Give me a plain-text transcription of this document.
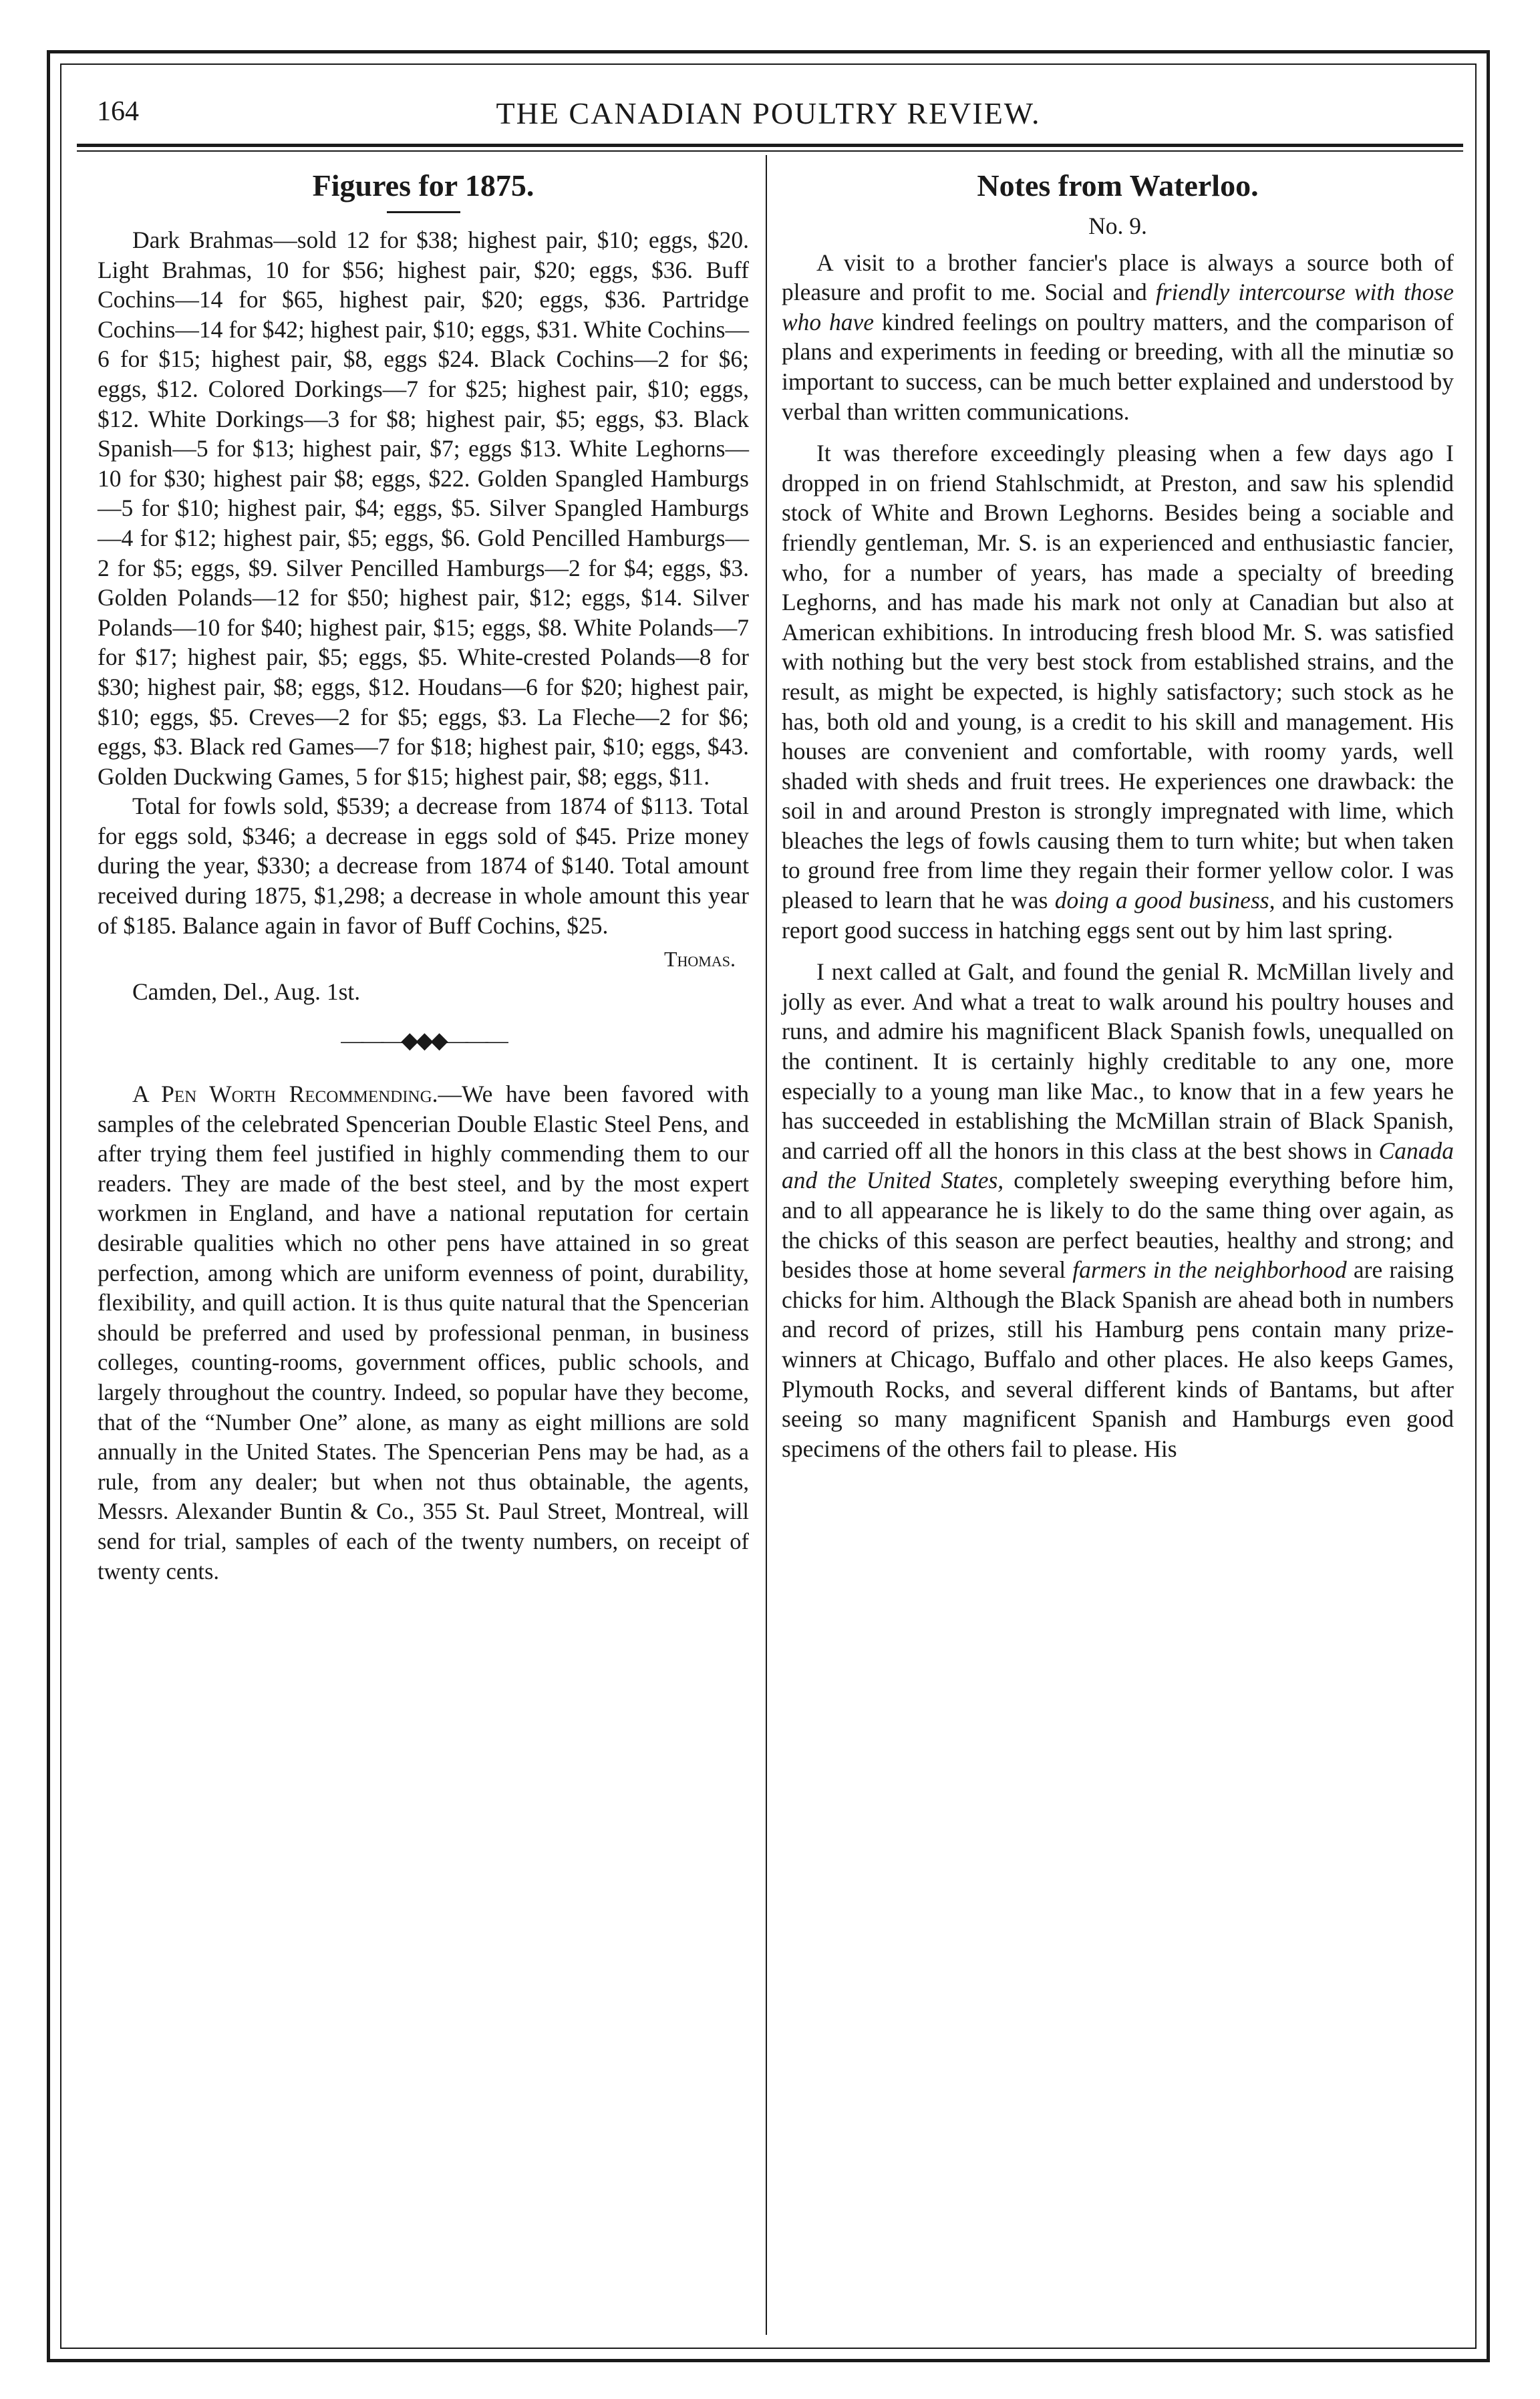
164	THE CANADIAN POULTRY REVIEW.
Figures for 1875.

Dark Brahmas—sold 12 for $38; highest pair, $10; eggs, $20. Light Brahmas, 10 for $56; highest pair, $20; eggs, $36. Buff Cochins—14 for $65, highest pair, $20; eggs, $36. Partridge Cochins—14 for $42; highest pair, $10; eggs, $31. White Cochins—6 for $15; highest pair, $8, eggs $24. Black Cochins—2 for $6; eggs, $12. Colored Dorkings—7 for $25; highest pair, $10; eggs, $12. White Dorkings—3 for $8; highest pair, $5; eggs, $3. Black Spanish—5 for $13; highest pair, $7; eggs $13. White Leghorns—10 for $30; highest pair $8; eggs, $22. Golden Spangled Hamburgs—5 for $10; highest pair, $4; eggs, $5. Silver Spangled Hamburgs—4 for $12; highest pair, $5; eggs, $6. Gold Pencilled Hamburgs—2 for $5; eggs, $9. Silver Pencilled Hamburgs—2 for $4; eggs, $3. Golden Polands—12 for $50; highest pair, $12; eggs, $14. Silver Polands—10 for $40; highest pair, $15; eggs, $8. White Polands—7 for $17; highest pair, $5; eggs, $5. White-crested Polands—8 for $30; highest pair, $8; eggs, $12. Houdans—6 for $20; highest pair, $10; eggs, $5. Creves—2 for $5; eggs, $3. La Fleche—2 for $6; eggs, $3. Black red Games—7 for $18; highest pair, $10; eggs, $43. Golden Duckwing Games, 5 for $15; highest pair, $8; eggs, $11.

Total for fowls sold, $539; a decrease from 1874 of $113. Total for eggs sold, $346; a decrease in eggs sold of $45. Prize money during the year, $330; a decrease from 1874 of $140. Total amount received during 1875, $1,298; a decrease in whole amount this year of $185. Balance again in favor of Buff Cochins, $25.

Thomas.

Camden, Del., Aug. 1st.

———◆◆◆———

A Pen Worth Recommending.—We have been favored with samples of the celebrated Spencerian Double Elastic Steel Pens, and after trying them feel justified in highly commending them to our readers. They are made of the best steel, and by the most expert workmen in England, and have a national reputation for certain desirable qualities which no other pens have attained in so great perfection, among which are uniform evenness of point, durability, flexibility, and quill action. It is thus quite natural that the Spencerian should be preferred and used by professional penman, in business colleges, counting-rooms, government offices, public schools, and largely throughout the country. Indeed, so popular have they become, that of the “Number One” alone, as many as eight millions are sold annually in the United States. The Spencerian Pens may be had, as a rule, from any dealer; but when not thus obtainable, the agents, Messrs. Alexander Buntin & Co., 355 St. Paul Street, Montreal, will send for trial, samples of each of the twenty numbers, on receipt of twenty cents.

Notes from Waterloo.

No. 9.

A visit to a brother fancier's place is always a source both of pleasure and profit to me. Social and friendly intercourse with those who have kindred feelings on poultry matters, and the comparison of plans and experiments in feeding or breeding, with all the minutiæ so important to success, can be much better explained and understood by verbal than written communications.

It was therefore exceedingly pleasing when a few days ago I dropped in on friend Stahlschmidt, at Preston, and saw his splendid stock of White and Brown Leghorns. Besides being a sociable and friendly gentleman, Mr. S. is an experienced and enthusiastic fancier, who, for a number of years, has made a specialty of breeding Leghorns, and has made his mark not only at Canadian but also at American exhibitions. In introducing fresh blood Mr. S. was satisfied with nothing but the very best stock from established strains, and the result, as might be expected, is highly satisfactory; such stock as he has, both old and young, is a credit to his skill and management. His houses are convenient and comfortable, with roomy yards, well shaded with sheds and fruit trees. He experiences one drawback: the soil in and around Preston is strongly impregnated with lime, which bleaches the legs of fowls causing them to turn white; but when taken to ground free from lime they regain their former yellow color. I was pleased to learn that he was doing a good business, and his customers report good success in hatching eggs sent out by him last spring.

I next called at Galt, and found the genial R. McMillan lively and jolly as ever. And what a treat to walk around his poultry houses and runs, and admire his magnificent Black Spanish fowls, unequalled on the continent. It is certainly highly creditable to any one, more especially to a young man like Mac., to know that in a few years he has succeeded in establishing the McMillan strain of Black Spanish, and carried off all the honors in this class at the best shows in Canada and the United States, completely sweeping everything before him, and to all appearance he is likely to do the same thing over again, as the chicks of this season are perfect beauties, healthy and strong; and besides those at home several farmers in the neighborhood are raising chicks for him. Although the Black Spanish are ahead both in numbers and record of prizes, still his Hamburg pens contain many prize-winners at Chicago, Buffalo and other places. He also keeps Games, Plymouth Rocks, and several different kinds of Bantams, but after seeing so many magnificent Spanish and Hamburgs even good specimens of the others fail to please. His
